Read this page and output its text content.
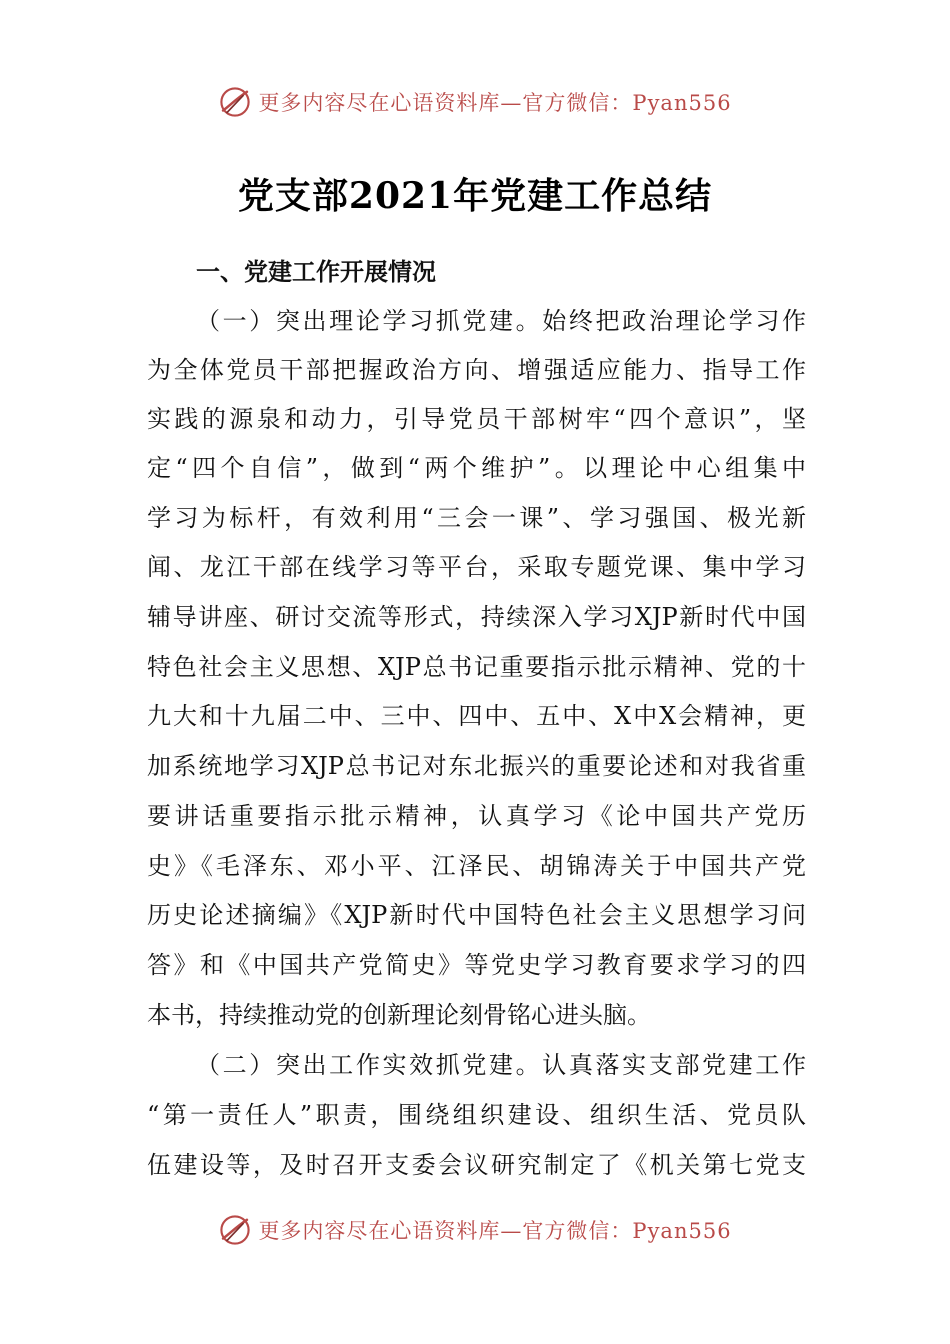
更多内容尽在心语资料库—官方微信：Pyan556
党支部2021年党建工作总结
一、党建工作开展情况
（一）突出理论学习抓党建。始终把政治理论学习作
为全体党员干部把握政治方向、增强适应能力、指导工作
实践的源泉和动力，引导党员干部树牢“四个意识”，坚
定“四个自信”，做到“两个维护”。以理论中心组集中
学习为标杆，有效利用“三会一课”、学习强国、极光新
闻、龙江干部在线学习等平台，采取专题党课、集中学习
辅导讲座、研讨交流等形式，持续深入学习XJP新时代中国
特色社会主义思想、XJP总书记重要指示批示精神、党的十
九大和十九届二中、三中、四中、五中、X中X会精神，更
加系统地学习XJP总书记对东北振兴的重要论述和对我省重
要讲话重要指示批示精神，认真学习《论中国共产党历
史》《毛泽东、邓小平、江泽民、胡锦涛关于中国共产党
历史论述摘编》《XJP新时代中国特色社会主义思想学习问
答》和《中国共产党简史》等党史学习教育要求学习的四
本书，持续推动党的创新理论刻骨铭心进头脑。
（二）突出工作实效抓党建。认真落实支部党建工作
“第一责任人”职责，围绕组织建设、组织生活、党员队
伍建设等，及时召开支委会议研究制定了《机关第七党支
更多内容尽在心语资料库—官方微信：Pyan556
